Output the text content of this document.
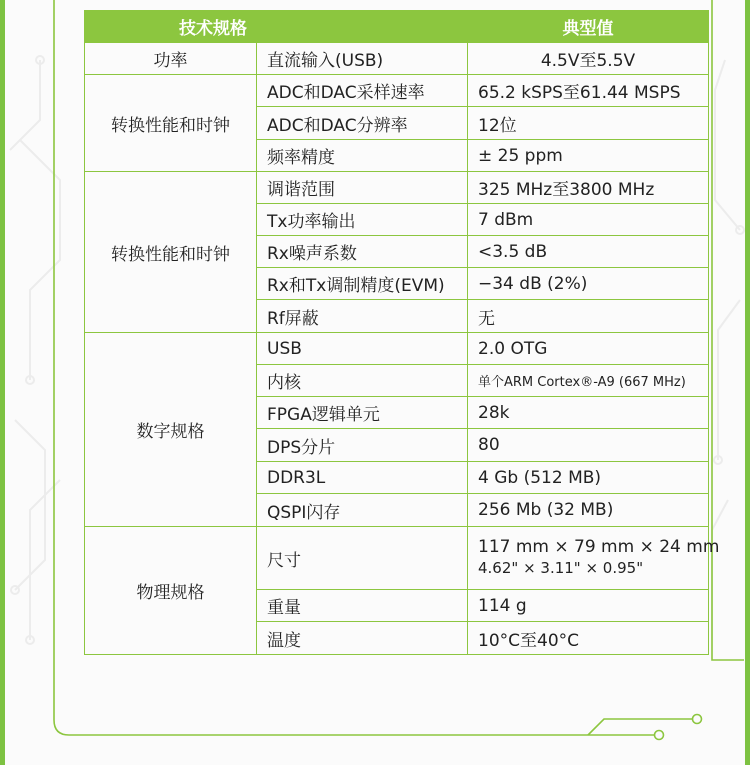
技术规格		典型值
功率	直流输入(USB)	4.5V至5.5V
转换性能和时钟	ADC和DAC采样速率	65.2 kSPS至61.44 MSPS
	ADC和DAC分辨率	12位
	频率精度	± 25 ppm
转换性能和时钟	调谐范围	325 MHz至3800 MHz
	Tx功率输出	7 dBm
	Rx噪声系数	<3.5 dB
	Rx和Tx调制精度(EVM)	−34 dB (2%)
	Rf屏蔽	无
数字规格	USB	2.0 OTG
	内核	单个ARM Cortex®-A9 (667 MHz)
	FPGA逻辑单元	28k
	DPS分片	80
	DDR3L	4 Gb (512 MB)
	QSPI闪存	256 Mb (32 MB)
物理规格	尺寸	117 mm × 79 mm × 24 mm
4.62" × 3.11" × 0.95"

	重量	114 g
	温度	10°C至40°C
